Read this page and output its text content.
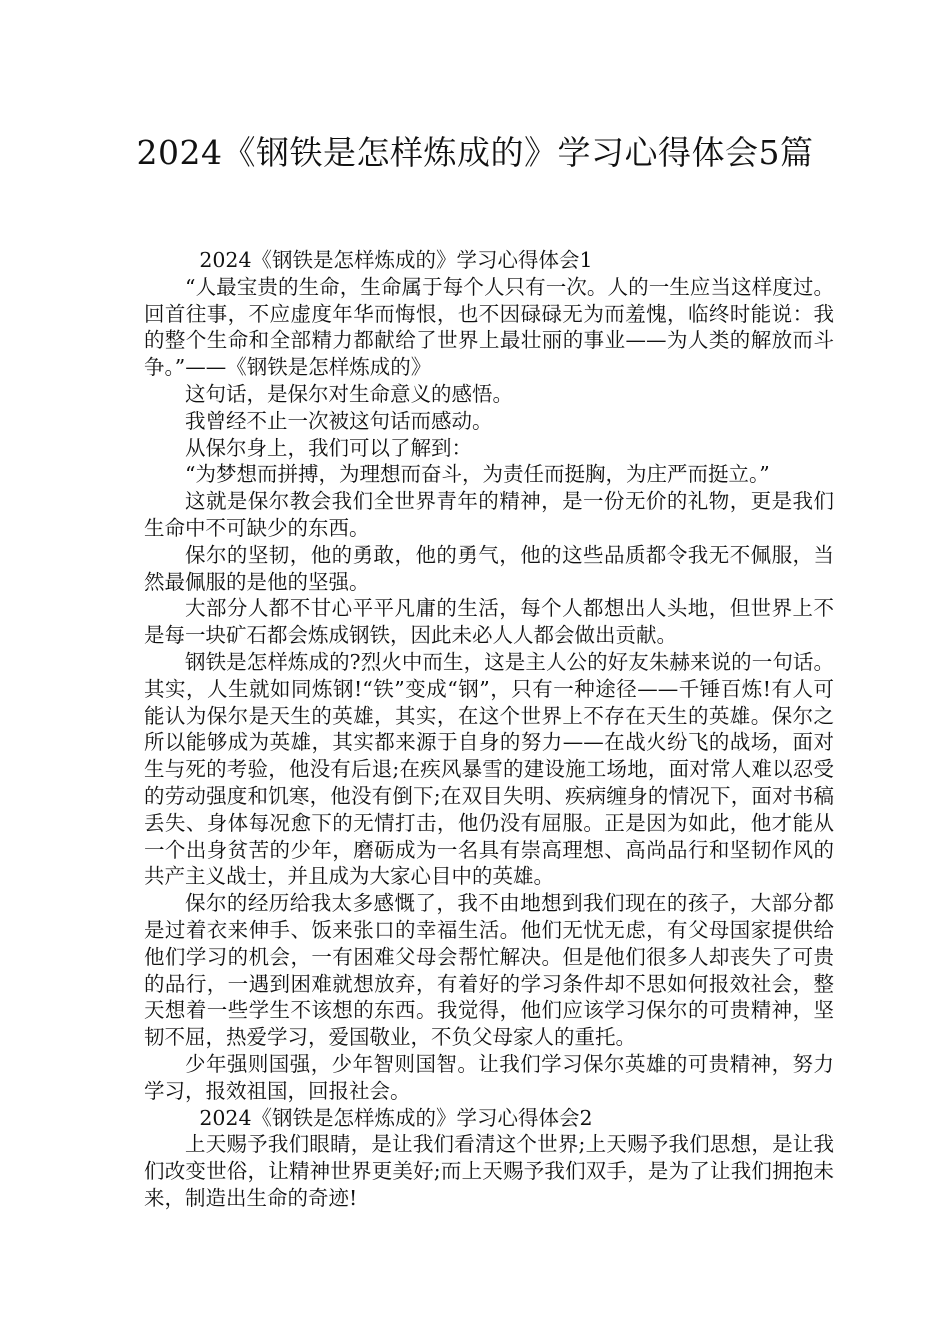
2024《钢铁是怎样炼成的》学习心得体会5篇

2024《钢铁是怎样炼成的》学习心得体会1

“人最宝贵的生命，生命属于每个人只有一次。人的一生应当这样度过。回首往事，不应虚度年华而悔恨，也不因碌碌无为而羞愧，临终时能说：我的整个生命和全部精力都献给了世界上最壮丽的事业——为人类的解放而斗争。”——《钢铁是怎样炼成的》

这句话，是保尔对生命意义的感悟。

我曾经不止一次被这句话而感动。

从保尔身上，我们可以了解到：

“为梦想而拼搏，为理想而奋斗，为责任而挺胸，为庄严而挺立。”

这就是保尔教会我们全世界青年的精神，是一份无价的礼物，更是我们生命中不可缺少的东西。

保尔的坚韧，他的勇敢，他的勇气，他的这些品质都令我无不佩服，当然最佩服的是他的坚强。

大部分人都不甘心平平凡庸的生活，每个人都想出人头地，但世界上不是每一块矿石都会炼成钢铁，因此未必人人都会做出贡献。

钢铁是怎样炼成的?烈火中而生，这是主人公的好友朱赫来说的一句话。其实，人生就如同炼钢!“铁”变成“钢”，只有一种途径——千锤百炼!有人可能认为保尔是天生的英雄，其实，在这个世界上不存在天生的英雄。保尔之所以能够成为英雄，其实都来源于自身的努力——在战火纷飞的战场，面对生与死的考验，他没有后退;在疾风暴雪的建设施工场地，面对常人难以忍受的劳动强度和饥寒，他没有倒下;在双目失明、疾病缠身的情况下，面对书稿丢失、身体每况愈下的无情打击，他仍没有屈服。正是因为如此，他才能从一个出身贫苦的少年，磨砺成为一名具有崇高理想、高尚品行和坚韧作风的共产主义战士，并且成为大家心目中的英雄。

保尔的经历给我太多感慨了，我不由地想到我们现在的孩子，大部分都是过着衣来伸手、饭来张口的幸福生活。他们无忧无虑，有父母国家提供给他们学习的机会，一有困难父母会帮忙解决。但是他们很多人却丧失了可贵的品行，一遇到困难就想放弃，有着好的学习条件却不思如何报效社会，整天想着一些学生不该想的东西。我觉得，他们应该学习保尔的可贵精神，坚韧不屈，热爱学习，爱国敬业，不负父母家人的重托。

少年强则国强，少年智则国智。让我们学习保尔英雄的可贵精神，努力学习，报效祖国，回报社会。

2024《钢铁是怎样炼成的》学习心得体会2

上天赐予我们眼睛，是让我们看清这个世界;上天赐予我们思想，是让我们改变世俗，让精神世界更美好;而上天赐予我们双手，是为了让我们拥抱未来，制造出生命的奇迹!
